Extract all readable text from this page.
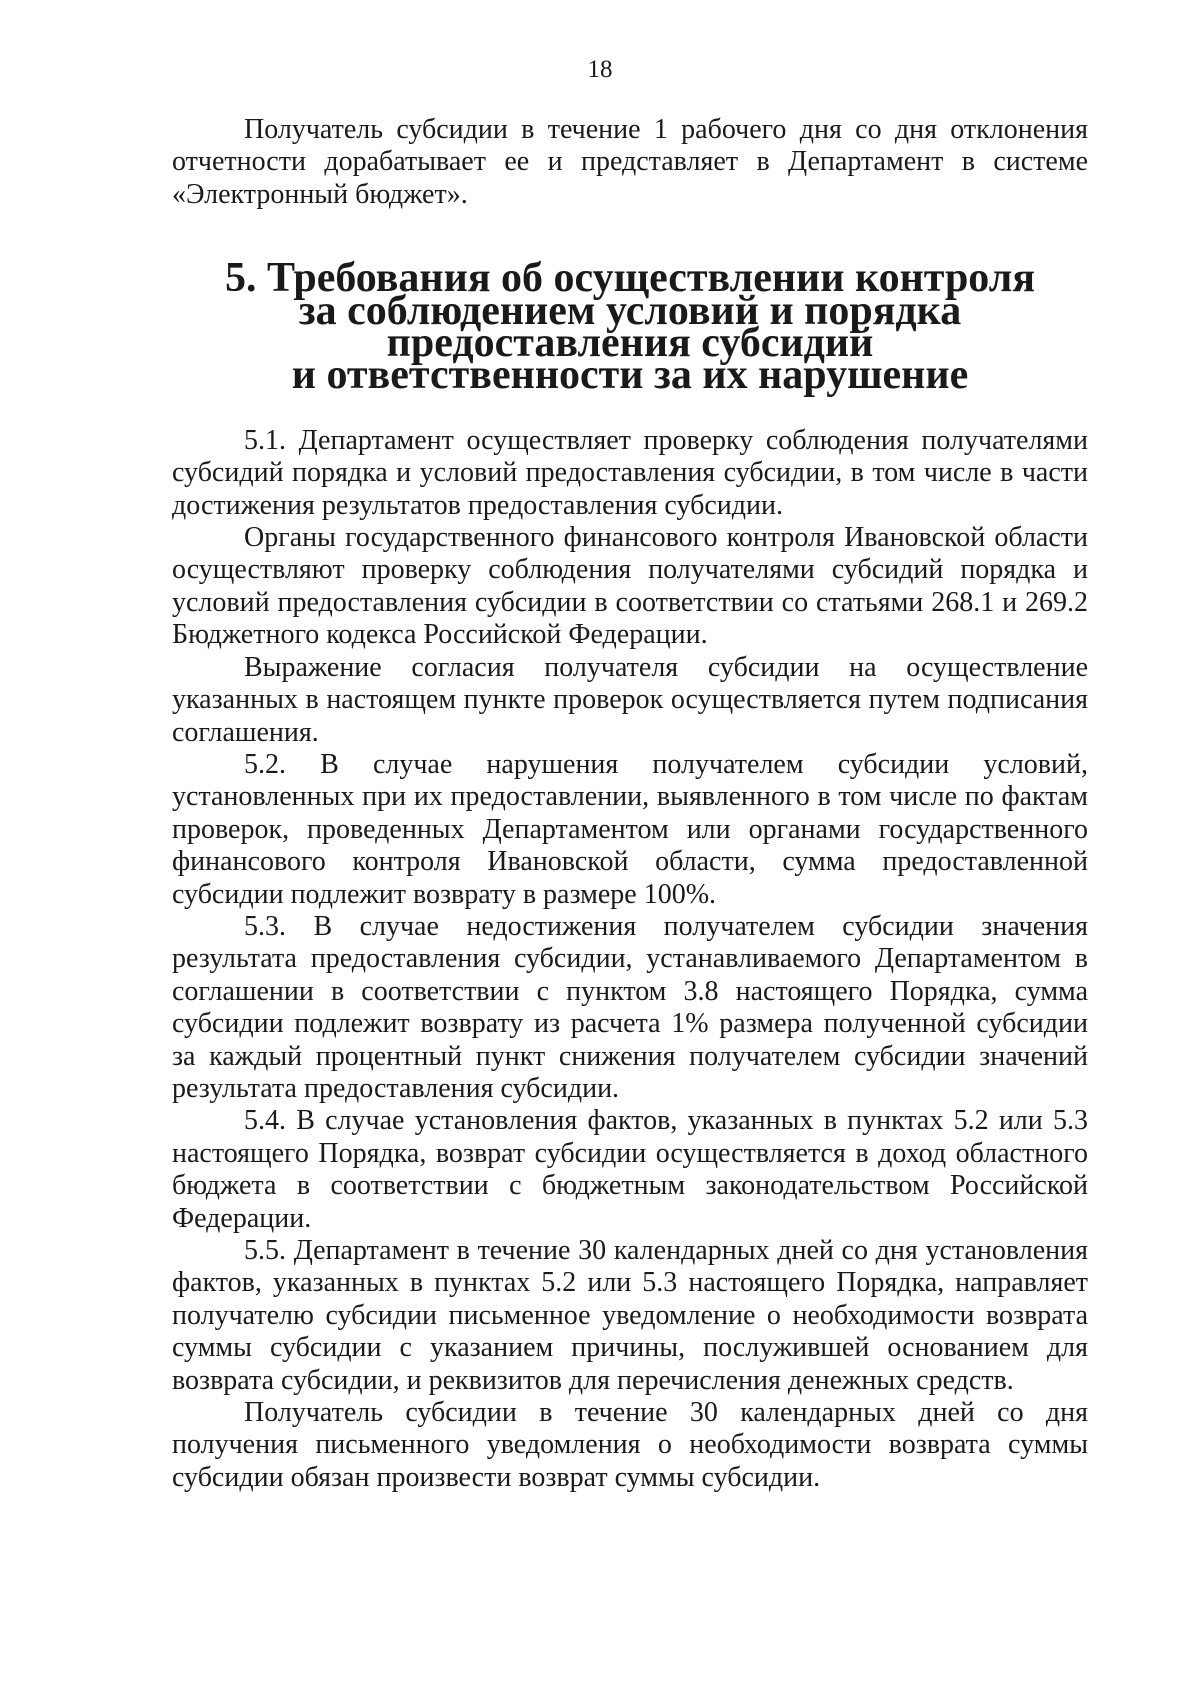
18

Получатель субсидии в течение 1 рабочего дня со дня отклонения отчетности дорабатывает ее и представляет в Департамент в системе «Электронный бюджет».

5. Требования об осуществлении контроля
за соблюдением условий и порядка предоставления субсидий
и ответственности за их нарушение

5.1. Департамент осуществляет проверку соблюдения получателями субсидий порядка и условий предоставления субсидии, в том числе в части достижения результатов предоставления субсидии.

Органы государственного финансового контроля Ивановской области осуществляют проверку соблюдения получателями субсидий порядка и условий предоставления субсидии в соответствии со статьями 268.1 и 269.2 Бюджетного кодекса Российской Федерации.

Выражение согласия получателя субсидии на осуществление указанных в настоящем пункте проверок осуществляется путем подписания соглашения.

5.2. В случае нарушения получателем субсидии условий, установленных при их предоставлении, выявленного в том числе по фактам проверок, проведенных Департаментом или органами государственного финансового контроля Ивановской области, сумма предоставленной субсидии подлежит возврату в размере 100%.

5.3. В случае недостижения получателем субсидии значения результата предоставления субсидии, устанавливаемого Департаментом в соглашении в соответствии с пунктом 3.8 настоящего Порядка, сумма субсидии подлежит возврату из расчета 1% размера полученной субсидии за каждый процентный пункт снижения получателем субсидии значений результата предоставления субсидии.

5.4. В случае установления фактов, указанных в пунктах 5.2 или 5.3 настоящего Порядка, возврат субсидии осуществляется в доход областного бюджета в соответствии с бюджетным законодательством Российской Федерации.

5.5. Департамент в течение 30 календарных дней со дня установления фактов, указанных в пунктах 5.2 или 5.3 настоящего Порядка, направляет получателю субсидии письменное уведомление о необходимости возврата суммы субсидии с указанием причины, послужившей основанием для возврата субсидии, и реквизитов для перечисления денежных средств.

Получатель субсидии в течение 30 календарных дней со дня получения письменного уведомления о необходимости возврата суммы субсидии обязан произвести возврат суммы субсидии.
